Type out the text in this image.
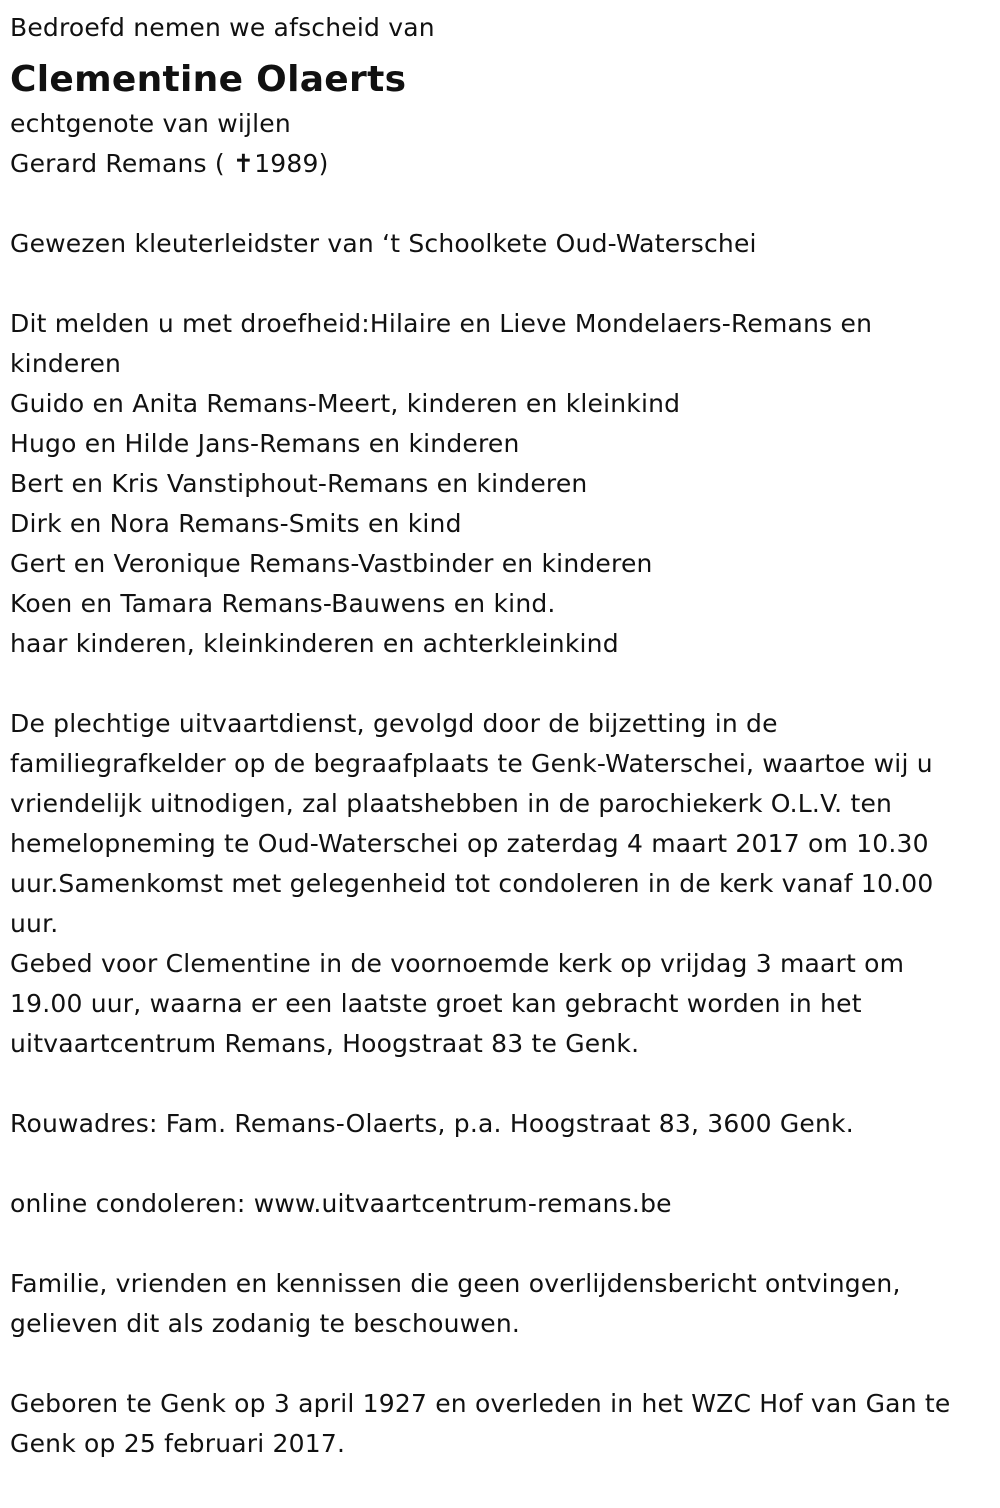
Bedroefd nemen we afscheid van
Clementine Olaerts
echtgenote van wijlen
Gerard Remans ( ✝1989)
Gewezen kleuterleidster van ‘t Schoolkete Oud-Waterschei
Dit melden u met droefheid:Hilaire en Lieve Mondelaers-Remans en
kinderen
Guido en Anita Remans-Meert, kinderen en kleinkind
Hugo en Hilde Jans-Remans en kinderen
Bert en Kris Vanstiphout-Remans en kinderen
Dirk en Nora Remans-Smits en kind
Gert en Veronique Remans-Vastbinder en kinderen
Koen en Tamara Remans-Bauwens en kind.
haar kinderen, kleinkinderen en achterkleinkind
De plechtige uitvaartdienst, gevolgd door de bijzetting in de
familiegrafkelder op de begraafplaats te Genk-Waterschei, waartoe wij u
vriendelijk uitnodigen, zal plaatshebben in de parochiekerk O.L.V. ten
hemelopneming te Oud-Waterschei op zaterdag 4 maart 2017 om 10.30
uur.Samenkomst met gelegenheid tot condoleren in de kerk vanaf 10.00
uur.
Gebed voor Clementine in de voornoemde kerk op vrijdag 3 maart om
19.00 uur, waarna er een laatste groet kan gebracht worden in het
uitvaartcentrum Remans, Hoogstraat 83 te Genk.
Rouwadres: Fam. Remans-Olaerts, p.a. Hoogstraat 83, 3600 Genk.
online condoleren: www.uitvaartcentrum-remans.be
Familie, vrienden en kennissen die geen overlijdensbericht ontvingen,
gelieven dit als zodanig te beschouwen.
Geboren te Genk op 3 april 1927 en overleden in het WZC Hof van Gan te
Genk op 25 februari 2017.
